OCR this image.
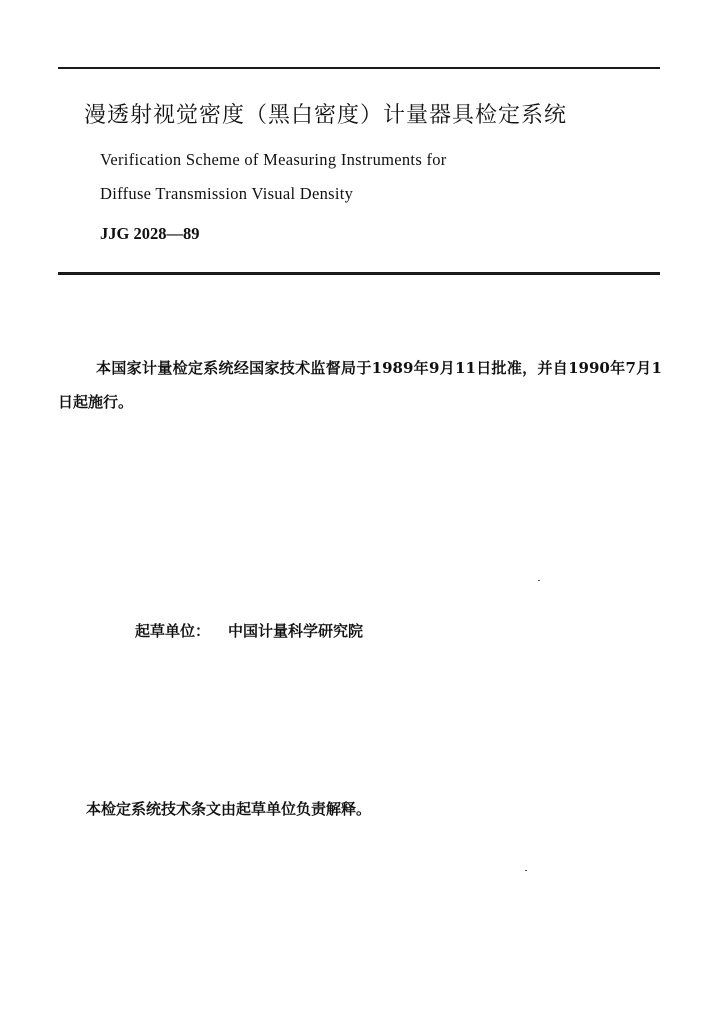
漫透射视觉密度（黑白密度）计量器具检定系统
Verification Scheme of Measuring Instruments for
Diffuse Transmission Visual Density
JJG 2028—89

本国家计量检定系统经国家技术监督局于1989年9月11日批准，并自1990年7月1日起施行。

起草单位： 中国计量科学研究院
本检定系统技术条文由起草单位负责解释。
